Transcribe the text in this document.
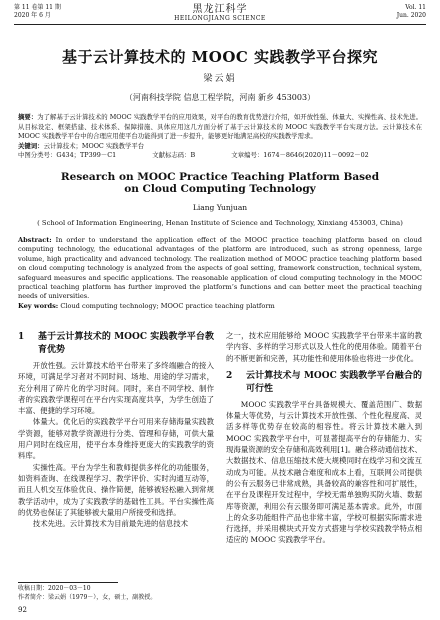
第 11 卷第 11 期
2020 年 6 月
黑龙江科学
HEILONGJIANG SCIENCE
Vol. 11
Jun. 2020
基于云计算技术的 MOOC 实践教学平台探究
梁云娟
（河南科技学院 信息工程学院，河南 新乡 453003）
摘要：为了解基于云计算技术的 MOOC 实践教学平台的应用效果，对平台的教育优势进行介绍，如开放性强、体量大、实操性高、技术先进。从目标设定、框架搭建、技术体系、保障措施、具体应用这几方面分析了基于云计算技术的 MOOC 实践教学平台实现方法。云计算技术在 MOOC 实践教学平台中的合理应用使平台功能得到了进一步提升，能够更好地满足高校的实践教学需求。
关键词：云计算技术；MOOC 实践教学平台
中图分类号：G434；TP399－C1	文献标志码：B	文章编号：1674－8646(2020)11－0092－02
Research on MOOC Practice Teaching Platform Based
on Cloud Computing Technology
Liang Yunjuan
( School of Information Engineering, Henan Institute of Science and Technology, Xinxiang 453003, China)
Abstract: In order to understand the application effect of the MOOC practice teaching platform based on cloud computing technology, the educational advantages of the platform are introduced, such as strong openness, large volume, high practicality and advanced technology. The realization method of MOOC practice teaching platform based on cloud computing technology is analyzed from the aspects of goal setting, framework construction, technical system, safeguard measures and specific applications. The reasonable application of cloud computing technology in the MOOC practical teaching platform has further improved the platform’s functions and can better meet the practical teaching needs of universities.
Key words: Cloud computing technology; MOOC practice teaching platform
1	基于云计算技术的 MOOC 实践教学平台教育优势

开放性强。云计算技术给平台带来了多终端融合的接入环境，可满足学习者对不同时间、场地、用途的学习需求，充分利用了碎片化的学习时间。同时，来自不同学校、制作者的实践教学课程可在平台内实现高度共享，为学生创造了丰富、便捷的学习环境。

体量大。优化后的实践教学平台可用来存储海量实践教学资源，能够对教学资源进行分类、管理和存储，可供大量用户同时在线应用，使平台本身维持更庞大的实践教学的资料库。

实操性高。平台为学生和教师提供多样化的功能服务，如资料查询、在线课程学习、教学评价、实时沟通互动等，而且人机交互体验优良、操作简便，能够被轻松融入到常规教学活动中，成为了实践教学的基础性工具。平台实操性高的优势也保证了其能够被大量用户所接受和选择。

技术先进。云计算技术为目前最先进的信息技术

之一，技术应用能够给 MOOC 实践教学平台带来丰富的教学内容、多样的学习形式以及人性化的使用体验。随着平台的不断更新和完善，其功能性和使用体验也将进一步优化。

2	云计算技术与 MOOC 实践教学平台融合的可行性

MOOC 实践教学平台具备规模大、覆盖范围广、数据体量大等优势，与云计算技术开放性强、个性化程度高、灵活多样等优势存在较高的相容性。将云计算技术融入到 MOOC 实践教学平台中，可显著提高平台的存储能力、实现海量资源的安全存储和高效利用[1]。融合移动通信技术、大数据技术、信息压缩技术使大规模同时在线学习和交流互动成为可能。从技术融合难度和成本上看，互联网公司提供的公有云服务已非常成熟，具备较高的兼容性和可扩展性，在平台及课程开发过程中，学校无需单独购买防火墙、数据库等资源，利用公有云服务即可满足基本需求。此外，市面上的众多功能组件产品也非常丰富，学校可根据实际需求进行选择，并采用模块式开发方式搭建与学校实践教学特点相适应的 MOOC 实践教学平台。

收稿日期：2020－03－10
作者简介：梁云娟（1979－），女，硕士，副教授。
92
